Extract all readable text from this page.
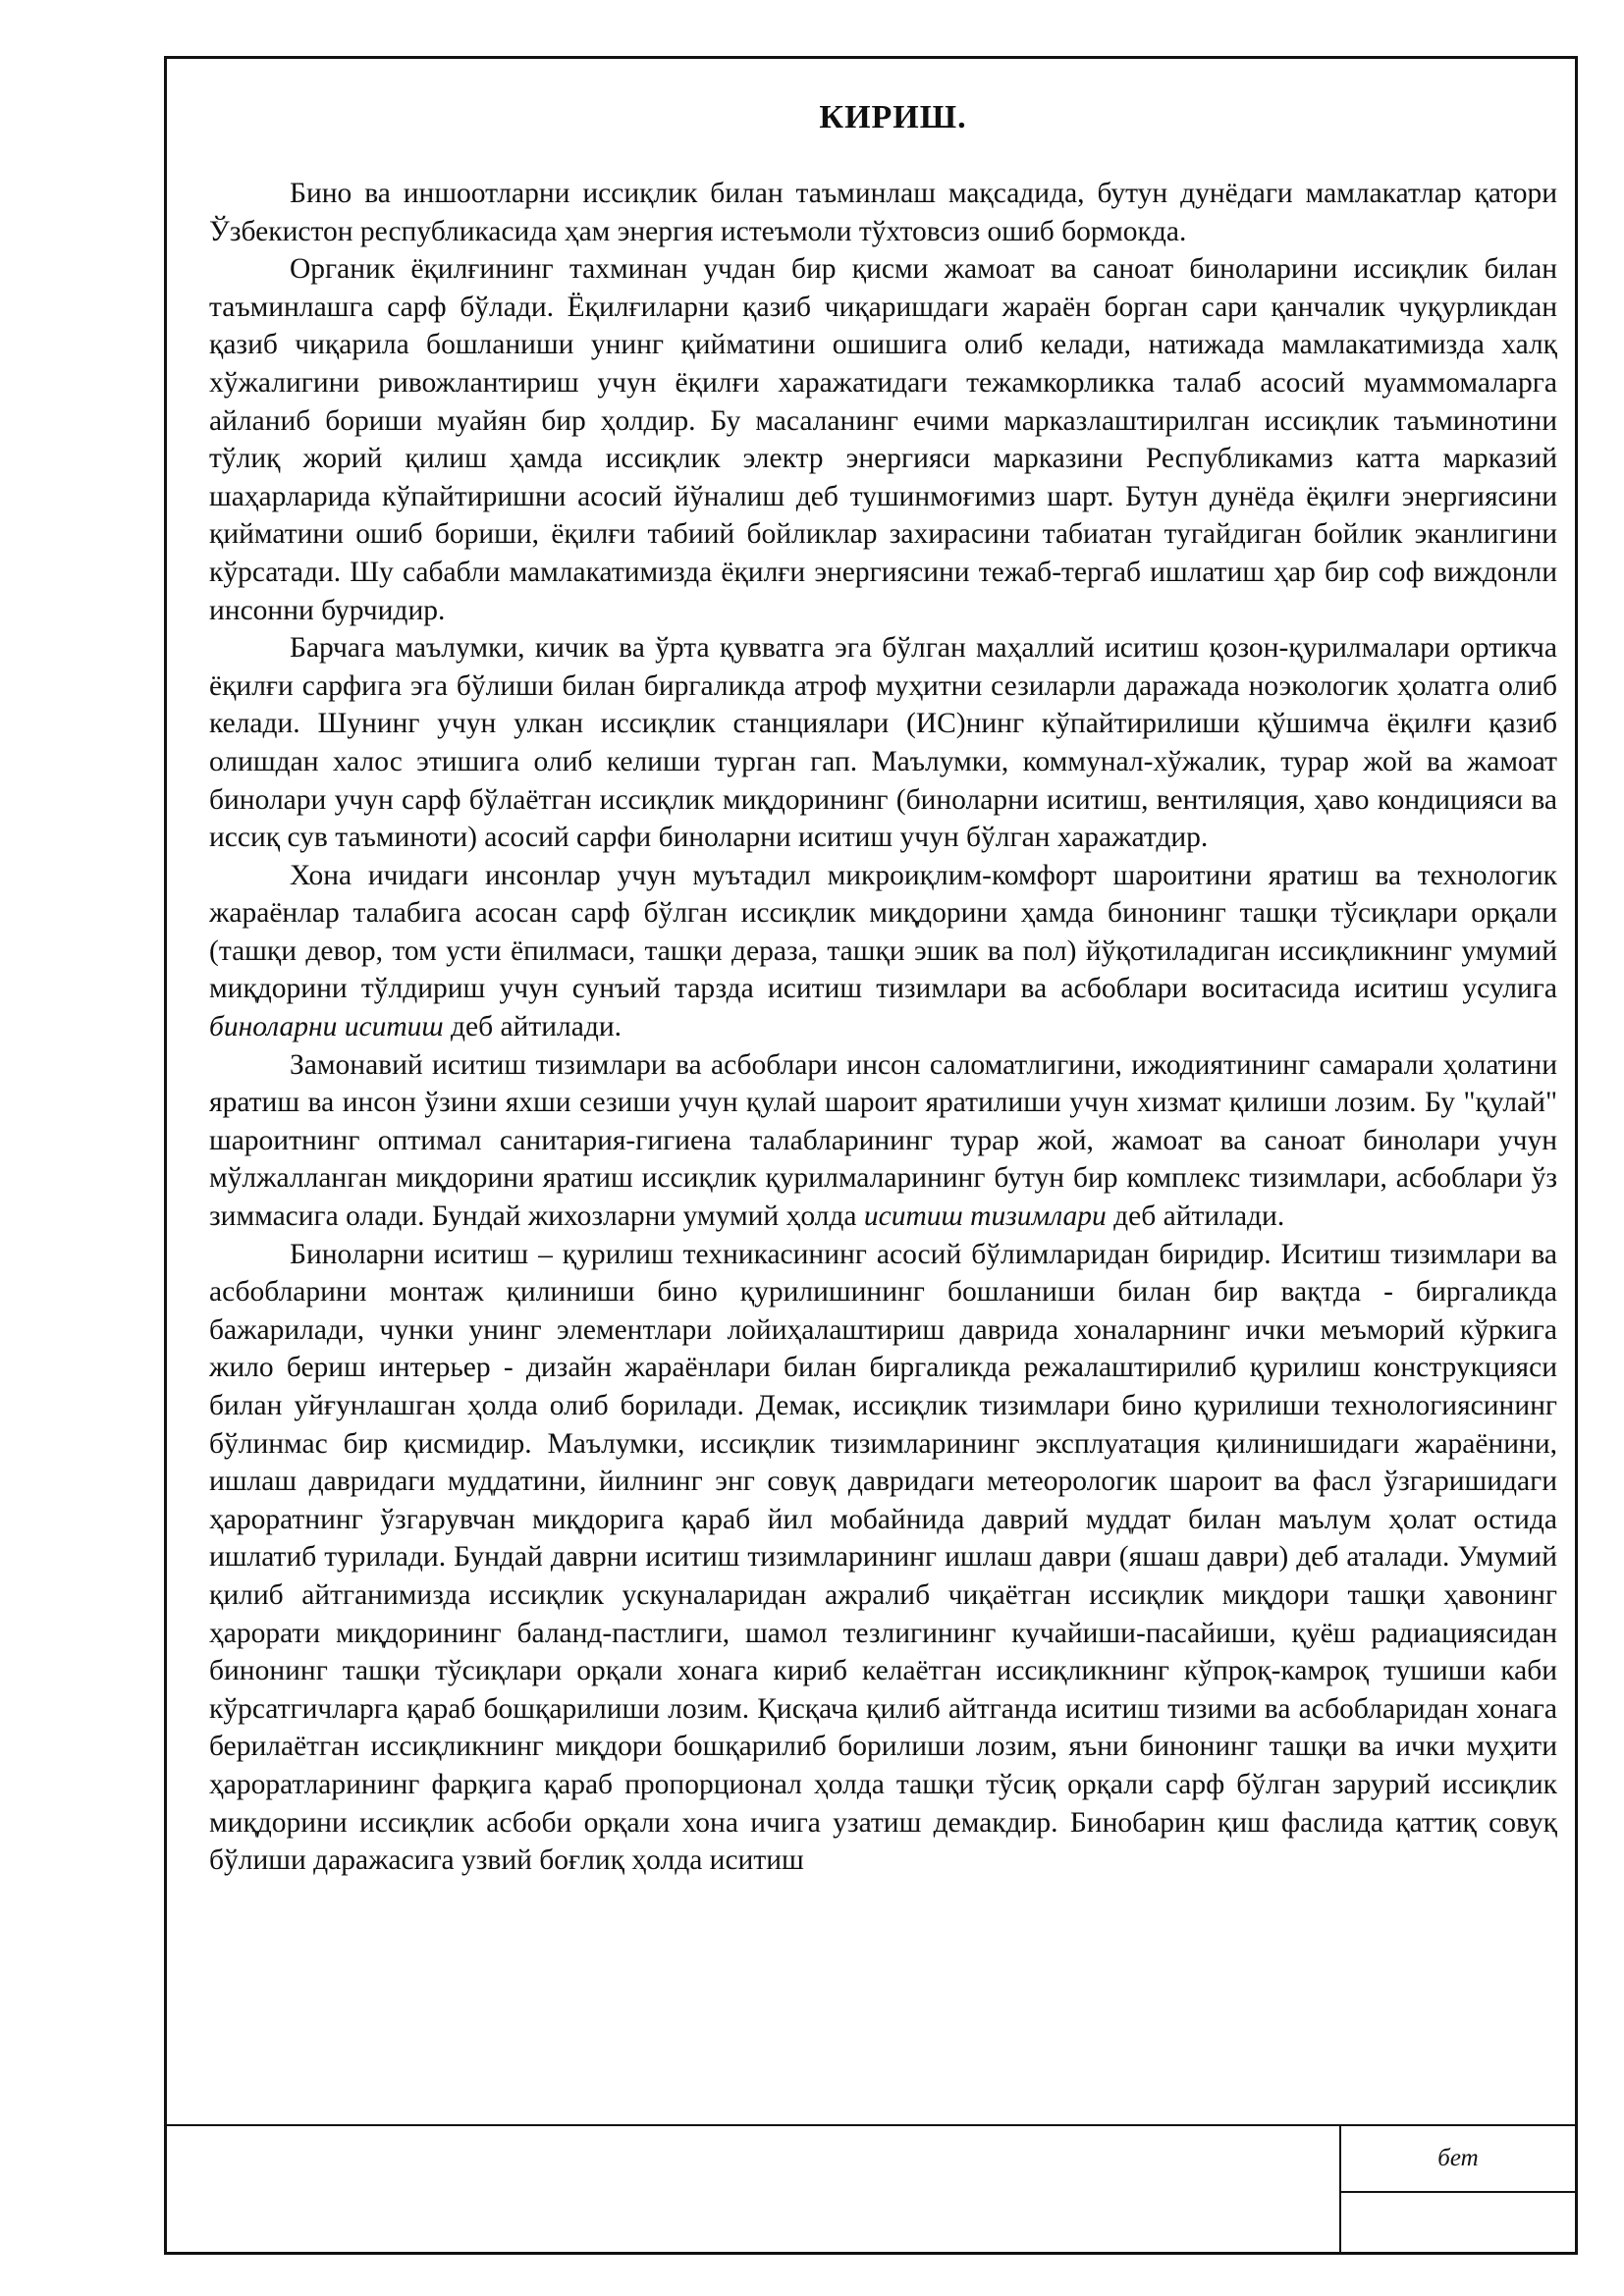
КИРИШ.

Бино ва иншоотларни иссиқлик билан таъминлаш мақсадида, бутун дунёдаги мамлакатлар қатори Ўзбекистон республикасида ҳам энергия истеъмоли тўхтовсиз ошиб бормокда.

Органик ёқилғининг тахминан учдан бир қисми жамоат ва саноат биноларини иссиқлик билан таъминлашга сарф бўлади. Ёқилғиларни қазиб чиқаришдаги жараён борган сари қанчалик чуқурликдан қазиб чиқарила бошланиши унинг қийматини ошишига олиб келади, натижада мамлакатимизда халқ хўжалигини ривожлантириш учун ёқилғи харажатидаги тежамкорликка талаб асосий муаммомаларга айланиб бориши муайян бир ҳолдир. Бу масаланинг ечими марказлаштирилган иссиқлик таъминотини тўлиқ жорий қилиш ҳамда иссиқлик электр энергияси марказини Республикамиз катта марказий шаҳарларида кўпайтиришни асосий йўналиш деб тушинмоғимиз шарт. Бутун дунёда ёқилғи энергиясини қийматини ошиб бориши, ёқилғи табиий бойликлар захирасини табиатан тугайдиган бойлик эканлигини кўрсатади. Шу сабабли мамлакатимизда ёқилғи энергиясини тежаб-тергаб ишлатиш ҳар бир соф виждонли инсонни бурчидир.

Барчага маълумки, кичик ва ўрта қувватга эга бўлган маҳаллий иситиш қозон-қурилмалари ортикча ёқилғи сарфига эга бўлиши билан биргаликда атроф муҳитни сезиларли даражада ноэкологик ҳолатга олиб келади. Шунинг учун улкан иссиқлик станциялари (ИС)нинг кўпайтирилиши қўшимча ёқилғи қазиб олишдан халос этишига олиб келиши турган гап. Маълумки, коммунал-хўжалик, турар жой ва жамоат бинолари учун сарф бўлаётган иссиқлик миқдорининг (биноларни иситиш, вентиляция, ҳаво кондицияси ва иссиқ сув таъминоти) асосий сарфи биноларни иситиш учун бўлган харажатдир.

Хона ичидаги инсонлар учун муътадил микроиқлим-комфорт шароитини яратиш ва технологик жараёнлар талабига асосан сарф бўлган иссиқлик миқдорини ҳамда бинонинг ташқи тўсиқлари орқали (ташқи девор, том усти ёпилмаси, ташқи дераза, ташқи эшик ва пол) йўқотиладиган иссиқликнинг умумий миқдорини тўлдириш учун сунъий тарзда иситиш тизимлари ва асбоблари воситасида иситиш усулига биноларни иситиш деб айтилади.

Замонавий иситиш тизимлари ва асбоблари инсон саломатлигини, ижодиятининг самарали ҳолатини яратиш ва инсон ўзини яхши сезиши учун қулай шароит яратилиши учун хизмат қилиши лозим. Бу "қулай" шароитнинг оптимал санитария-гигиена талабларининг турар жой, жамоат ва саноат бинолари учун мўлжалланган миқдорини яратиш иссиқлик қурилмаларининг бутун бир комплекс тизимлари, асбоблари ўз зиммасига олади. Бундай жихозларни умумий ҳолда иситиш тизимлари деб айтилади.

Биноларни иситиш – қурилиш техникасининг асосий бўлимларидан биридир. Иситиш тизимлари ва асбобларини монтаж қилиниши бино қурилишининг бошланиши билан бир вақтда - биргаликда бажарилади, чунки унинг элементлари лойиҳалаштириш даврида хоналарнинг ички меъморий кўркига жило бериш интерьер - дизайн жараёнлари билан биргаликда режалаштирилиб қурилиш конструкцияси билан уйғунлашган ҳолда олиб борилади. Демак, иссиқлик тизимлари бино қурилиши технологиясининг бўлинмас бир қисмидир. Маълумки, иссиқлик тизимларининг эксплуатация қилинишидаги жараёнини, ишлаш давридаги муддатини, йилнинг энг совуқ давридаги метеорологик шароит ва фасл ўзгаришидаги ҳароратнинг ўзгарувчан миқдорига қараб йил мобайнида даврий муддат билан маълум ҳолат остида ишлатиб турилади. Бундай даврни иситиш тизимларининг ишлаш даври (яшаш даври) деб аталади. Умумий қилиб айтганимизда иссиқлик ускуналаридан ажралиб чиқаётган иссиқлик миқдори ташқи ҳавонинг ҳарорати миқдорининг баланд-пастлиги, шамол тезлигининг кучайиши-пасайиши, қуёш радиациясидан бинонинг ташқи тўсиқлари орқали хонага кириб келаётган иссиқликнинг кўпроқ-камроқ тушиши каби кўрсатгичларга қараб бошқарилиши лозим. Қисқача қилиб айтганда иситиш тизими ва асбобларидан хонага берилаётган иссиқликнинг миқдори бошқарилиб борилиши лозим, яъни бинонинг ташқи ва ички муҳити ҳароратларининг фарқига қараб пропорционал ҳолда ташқи тўсиқ орқали сарф бўлган зарурий иссиқлик миқдорини иссиқлик асбоби орқали хона ичига узатиш демакдир. Бинобарин қиш фаслида қаттиқ совуқ бўлиши даражасига узвий боғлиқ ҳолда иситиш

бет
